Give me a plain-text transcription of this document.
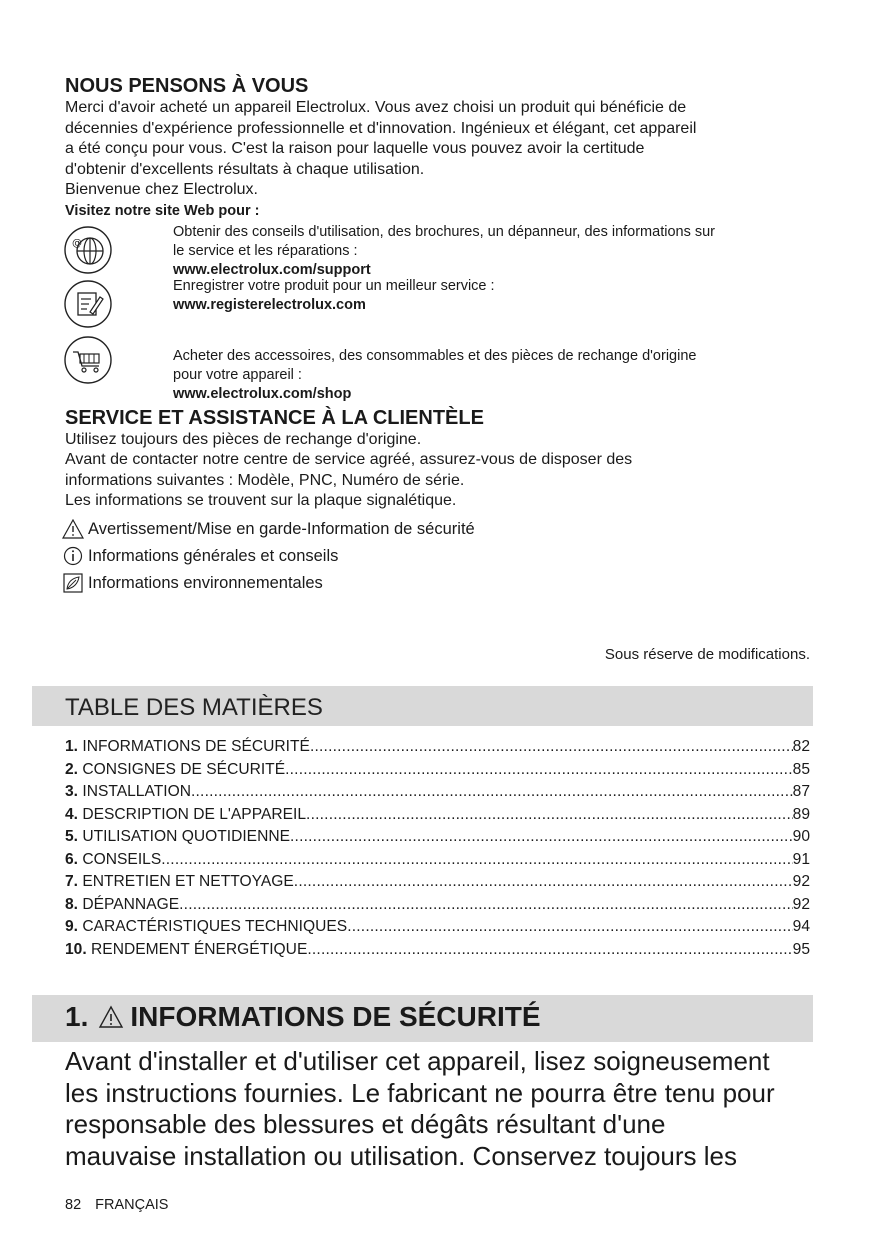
NOUS PENSONS À VOUS

Merci d'avoir acheté un appareil Electrolux. Vous avez choisi un produit qui bénéficie de

décennies d'expérience professionnelle et d'innovation. Ingénieux et élégant, cet appareil

a été conçu pour vous. C'est la raison pour laquelle vous pouvez avoir la certitude

d'obtenir d'excellents résultats à chaque utilisation.

Bienvenue chez Electrolux.

Visitez notre site Web pour :

@
Obtenir des conseils d'utilisation, des brochures, un dépanneur, des informations sur
le service et les réparations :
www.electrolux.com/support
Enregistrer votre produit pour un meilleur service :
www.registerelectrolux.com
Acheter des accessoires, des consommables et des pièces de rechange d'origine
pour votre appareil :
www.electrolux.com/shop
SERVICE ET ASSISTANCE À LA CLIENTÈLE

Utilisez toujours des pièces de rechange d'origine.

Avant de contacter notre centre de service agréé, assurez-vous de disposer des

informations suivantes : Modèle, PNC, Numéro de série.

Les informations se trouvent sur la plaque signalétique.

Avertissement/Mise en garde-Information de sécurité
Informations générales et conseils
Informations environnementales
Sous réserve de modifications.
TABLE DES MATIÈRES
1. INFORMATIONS DE SÉCURITÉ .....	82
2. CONSIGNES DE SÉCURITÉ .....	85
3. INSTALLATION .....	87
4. DESCRIPTION DE L'APPAREIL .....	89
5. UTILISATION QUOTIDIENNE .....	90
6. CONSEILS .....	91
7. ENTRETIEN ET NETTOYAGE .....	92
8. DÉPANNAGE .....	92
9. CARACTÉRISTIQUES TECHNIQUES .....	94
10. RENDEMENT ÉNERGÉTIQUE .....	95
1. INFORMATIONS DE SÉCURITÉ
Avant d'installer et d'utiliser cet appareil, lisez soigneusement
les instructions fournies. Le fabricant ne pourra être tenu pour
responsable des blessures et dégâts résultant d'une
mauvaise installation ou utilisation. Conservez toujours les
82 FRANÇAIS
